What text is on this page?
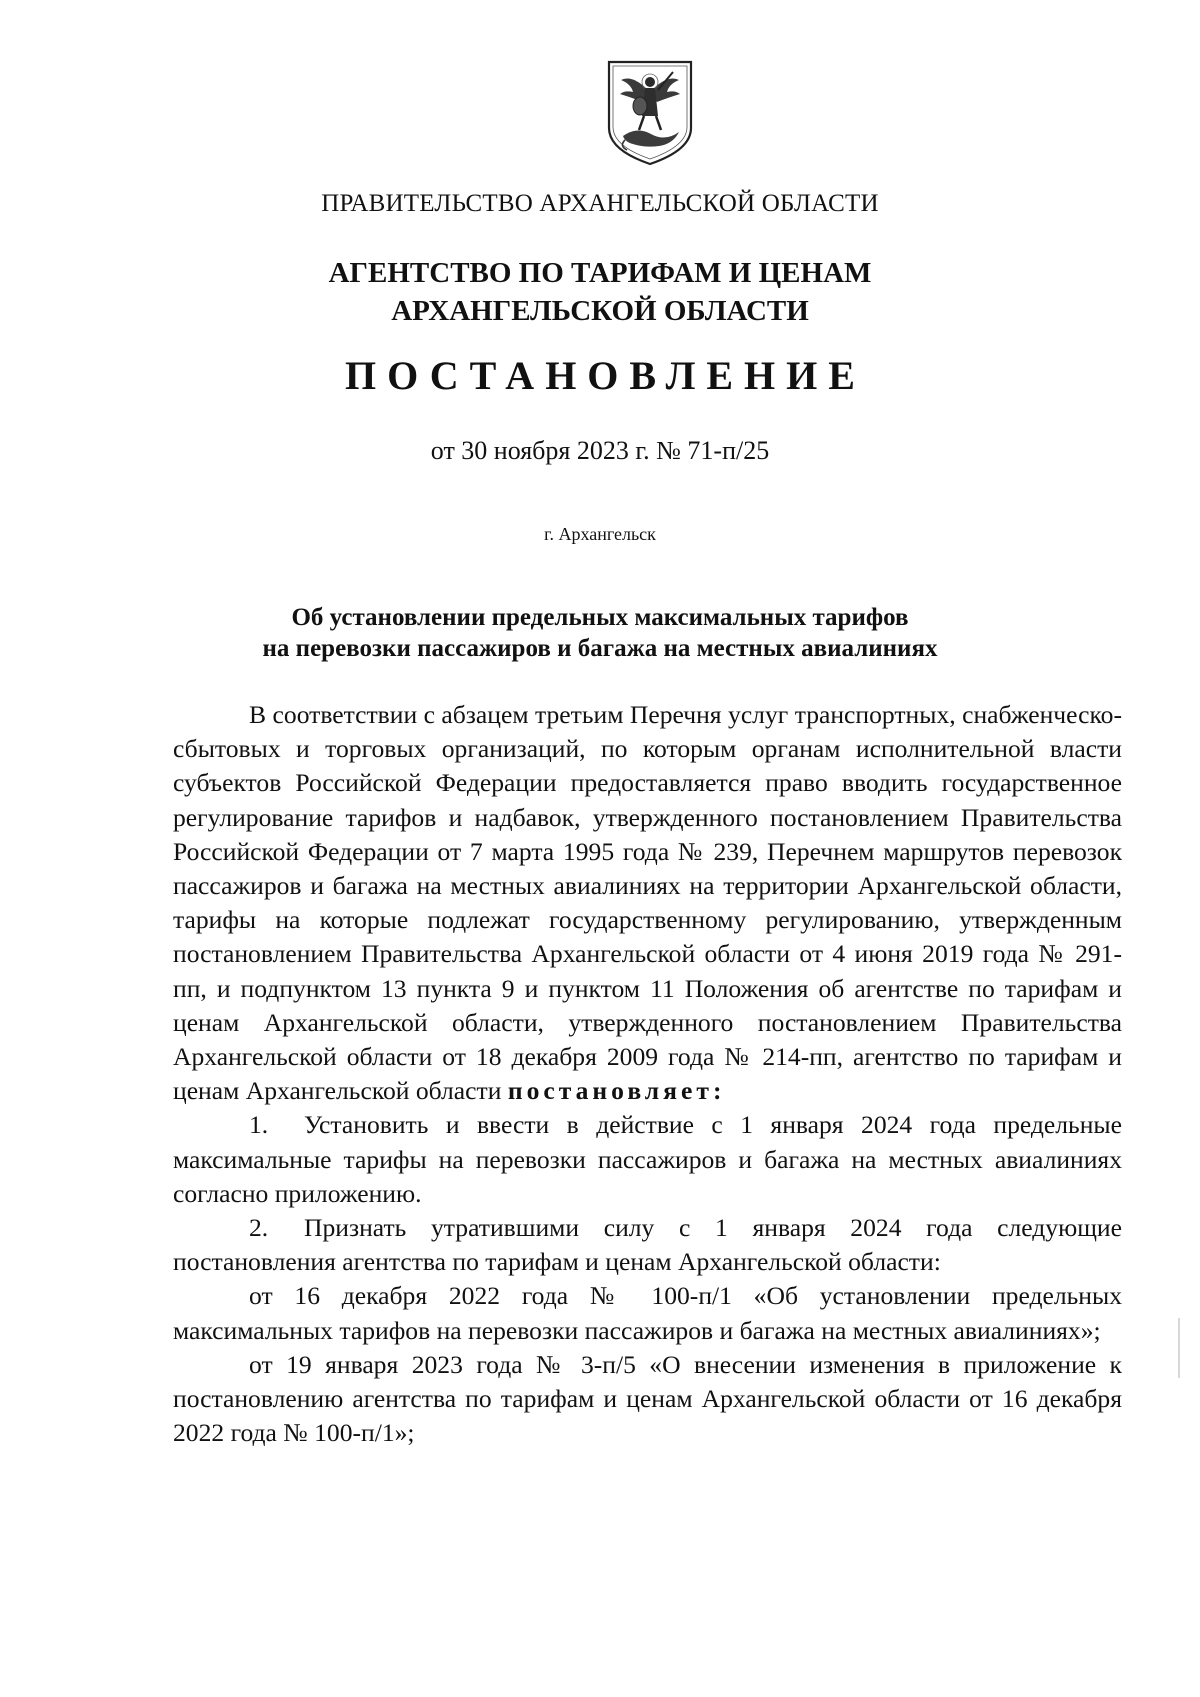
ПРАВИТЕЛЬСТВО АРХАНГЕЛЬСКОЙ ОБЛАСТИ
АГЕНТСТВО ПО ТАРИФАМ И ЦЕНАМ
АРХАНГЕЛЬСКОЙ ОБЛАСТИ
ПОСТАНОВЛЕНИЕ
от 30 ноября 2023 г. № 71-п/25
г. Архангельск
Об установлении предельных максимальных тарифов
на перевозки пассажиров и багажа на местных авиалиниях

В соответствии с абзацем третьим Перечня услуг транспортных, снабженческо-сбытовых и торговых организаций, по которым органам исполнительной власти субъектов Российской Федерации предоставляется право вводить государственное регулирование тарифов и надбавок, утвержденного постановлением Правительства Российской Федерации от 7 марта 1995 года № 239, Перечнем маршрутов перевозок пассажиров и багажа на местных авиалиниях на территории Архангельской области, тарифы на которые подлежат государственному регулированию, утвержденным постановлением Правительства Архангельской области от 4 июня 2019 года № 291-пп, и подпунктом 13 пункта 9 и пунктом 11 Положения об агентстве по тарифам и ценам Архангельской области, утвержденного постановлением Правительства Архангельской области от 18 декабря 2009 года № 214-пп, агентство по тарифам и ценам Архангельской области постановляет:

1. Установить и ввести в действие с 1 января 2024 года предельные максимальные тарифы на перевозки пассажиров и багажа на местных авиалиниях согласно приложению.

2. Признать утратившими силу с 1 января 2024 года следующие постановления агентства по тарифам и ценам Архангельской области:

от 16 декабря 2022 года № 100-п/1 «Об установлении предельных максимальных тарифов на перевозки пассажиров и багажа на местных авиалиниях»;

от 19 января 2023 года № 3-п/5 «О внесении изменения в приложение к постановлению агентства по тарифам и ценам Архангельской области от 16 декабря 2022 года № 100-п/1»;
